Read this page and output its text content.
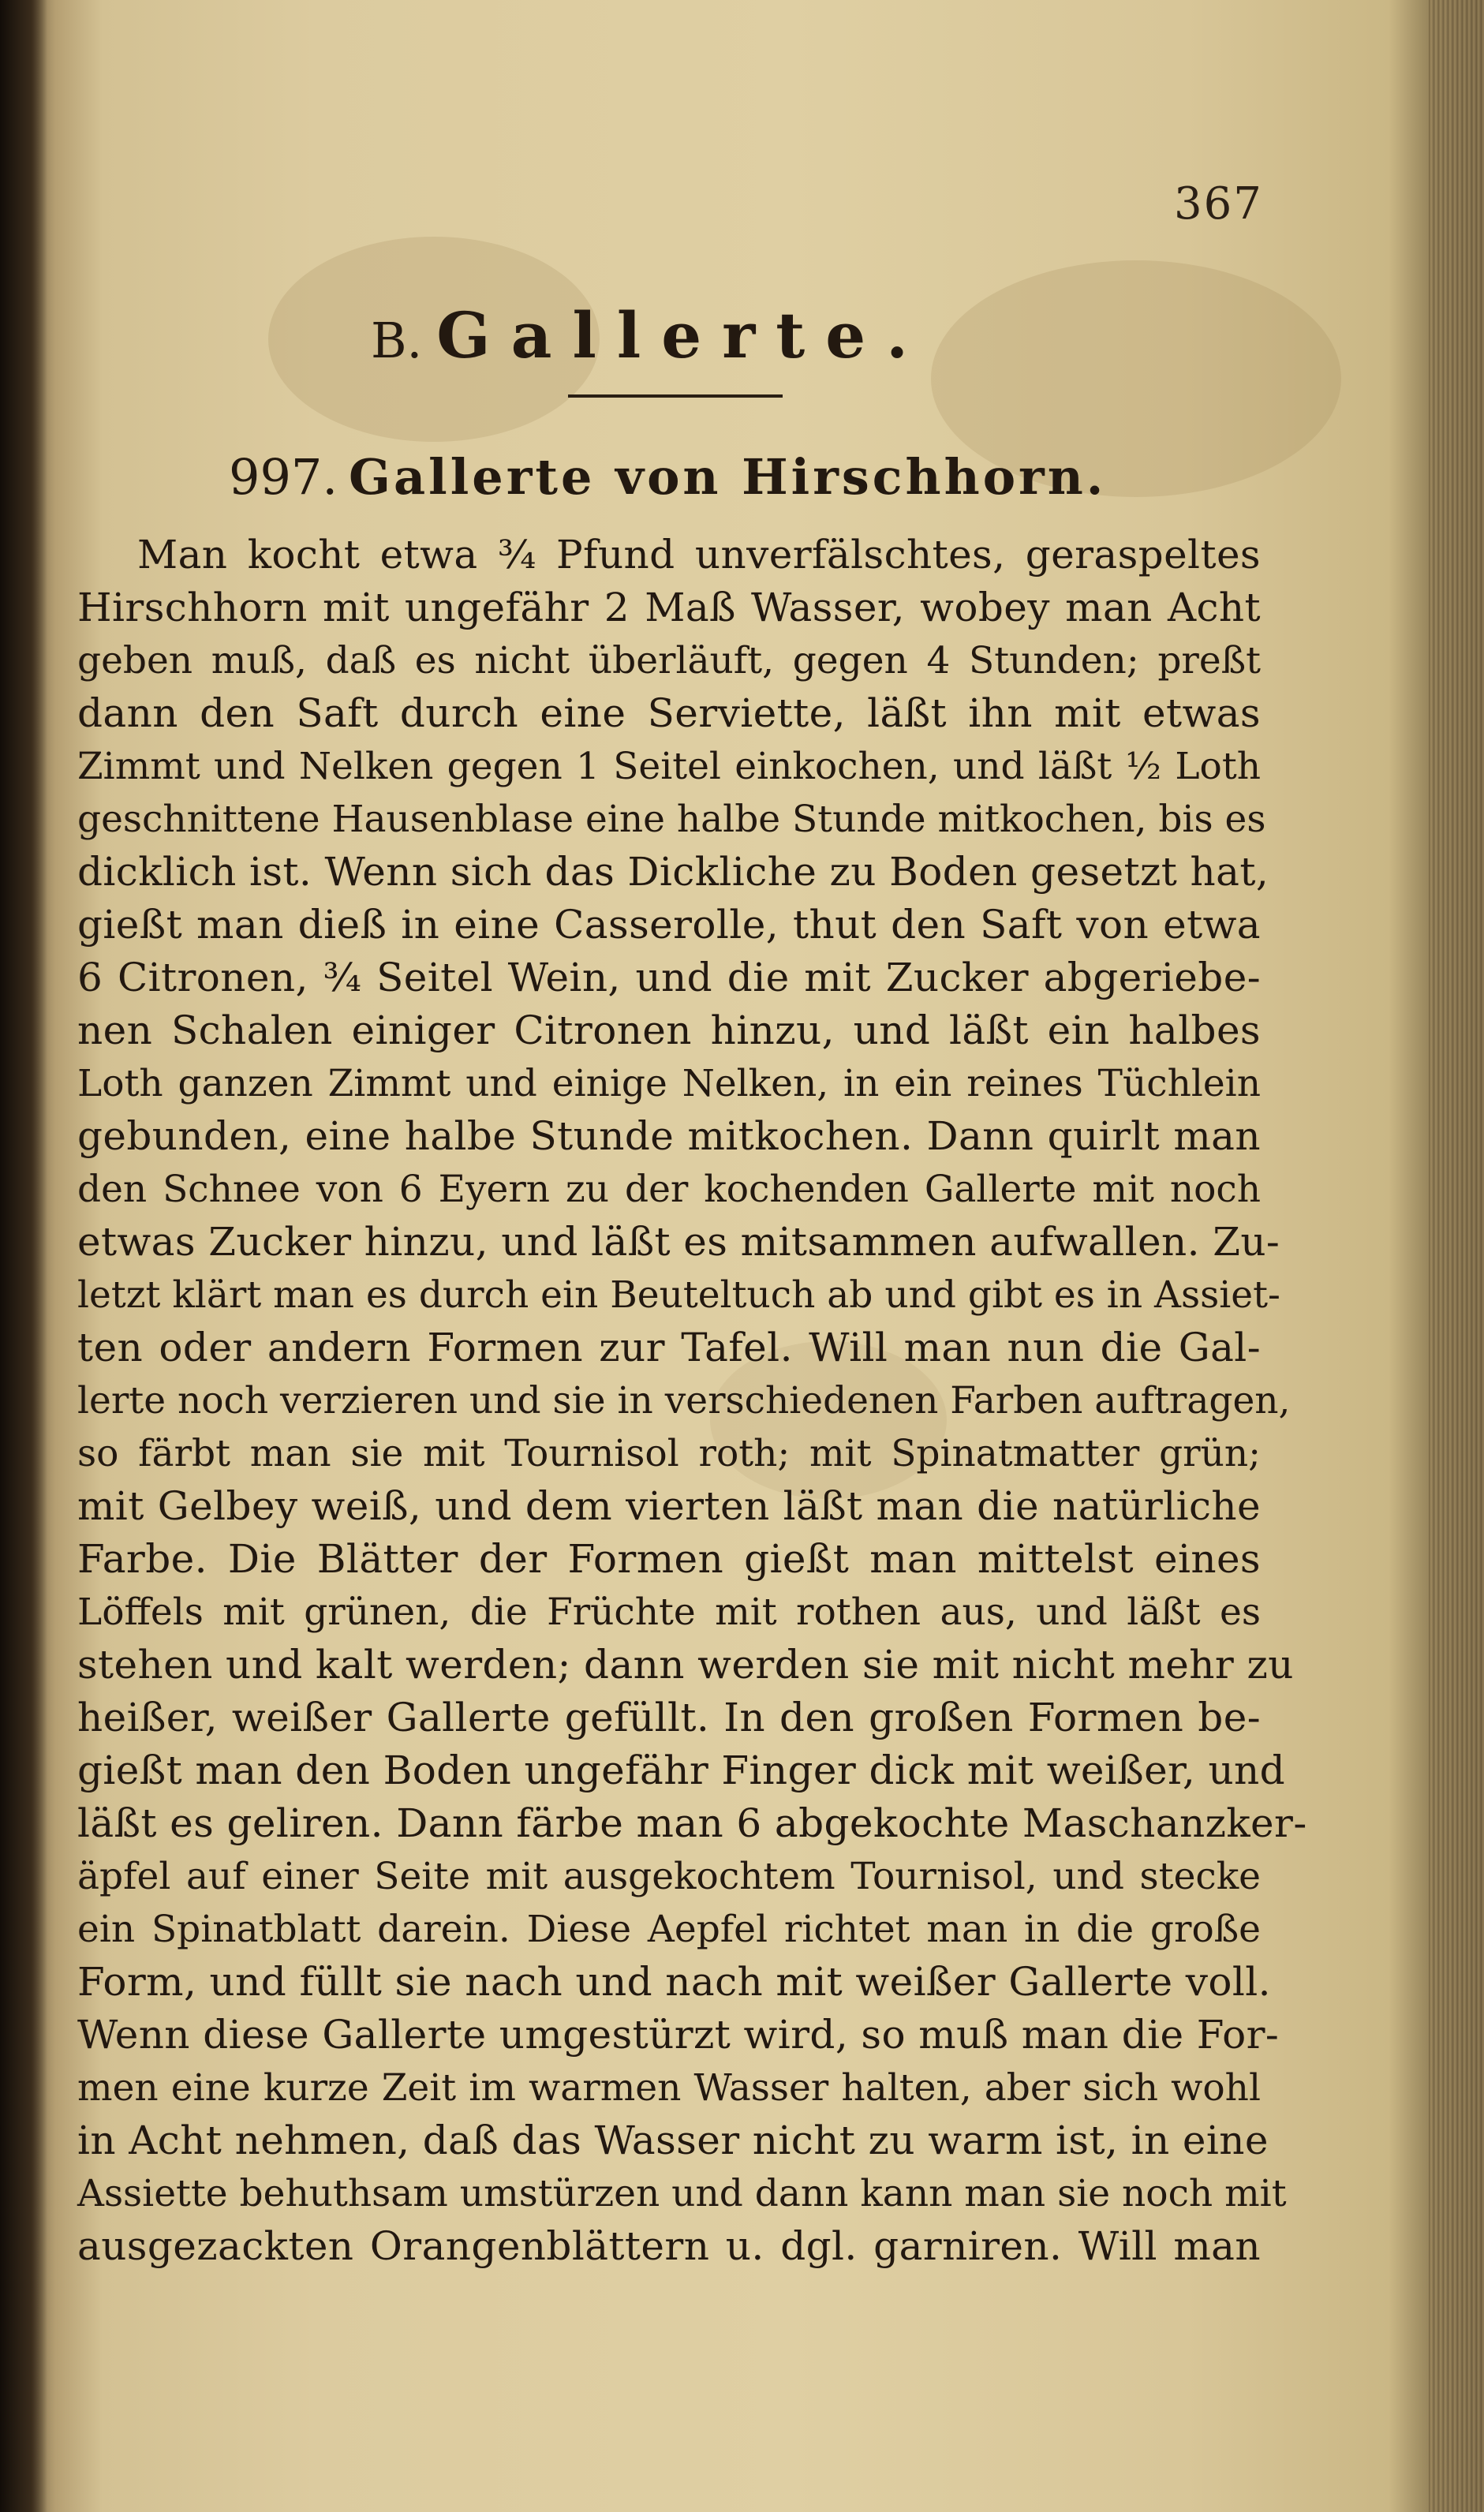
367
B. Gallerte.
997. Gallerte von Hirschhorn.
Man kocht etwa ¾ Pfund unverfälschtes, geraspeltes
Hirschhorn mit ungefähr 2 Maß Wasser, wobey man Acht
geben muß, daß es nicht überläuft, gegen 4 Stunden; preßt
dann den Saft durch eine Serviette, läßt ihn mit etwas
Zimmt und Nelken gegen 1 Seitel einkochen, und läßt ½ Loth
geschnittene Hausenblase eine halbe Stunde mitkochen, bis es
dicklich ist. Wenn sich das Dickliche zu Boden gesetzt hat,
gießt man dieß in eine Casserolle, thut den Saft von etwa
6 Citronen, ¾ Seitel Wein, und die mit Zucker abgeriebe-
nen Schalen einiger Citronen hinzu, und läßt ein halbes
Loth ganzen Zimmt und einige Nelken, in ein reines Tüchlein
gebunden, eine halbe Stunde mitkochen. Dann quirlt man
den Schnee von 6 Eyern zu der kochenden Gallerte mit noch
etwas Zucker hinzu, und läßt es mitsammen aufwallen. Zu-
letzt klärt man es durch ein Beuteltuch ab und gibt es in Assiet-
ten oder andern Formen zur Tafel. Will man nun die Gal-
lerte noch verzieren und sie in verschiedenen Farben auftragen,
so färbt man sie mit Tournisol roth; mit Spinatmatter grün;
mit Gelbey weiß, und dem vierten läßt man die natürliche
Farbe. Die Blätter der Formen gießt man mittelst eines
Löffels mit grünen, die Früchte mit rothen aus, und läßt es
stehen und kalt werden; dann werden sie mit nicht mehr zu
heißer, weißer Gallerte gefüllt. In den großen Formen be-
gießt man den Boden ungefähr Finger dick mit weißer, und
läßt es geliren. Dann färbe man 6 abgekochte Maschanzker-
äpfel auf einer Seite mit ausgekochtem Tournisol, und stecke
ein Spinatblatt darein. Diese Aepfel richtet man in die große
Form, und füllt sie nach und nach mit weißer Gallerte voll.
Wenn diese Gallerte umgestürzt wird, so muß man die For-
men eine kurze Zeit im warmen Wasser halten, aber sich wohl
in Acht nehmen, daß das Wasser nicht zu warm ist, in eine
Assiette behuthsam umstürzen und dann kann man sie noch mit
ausgezackten Orangenblättern u. dgl. garniren. Will man
